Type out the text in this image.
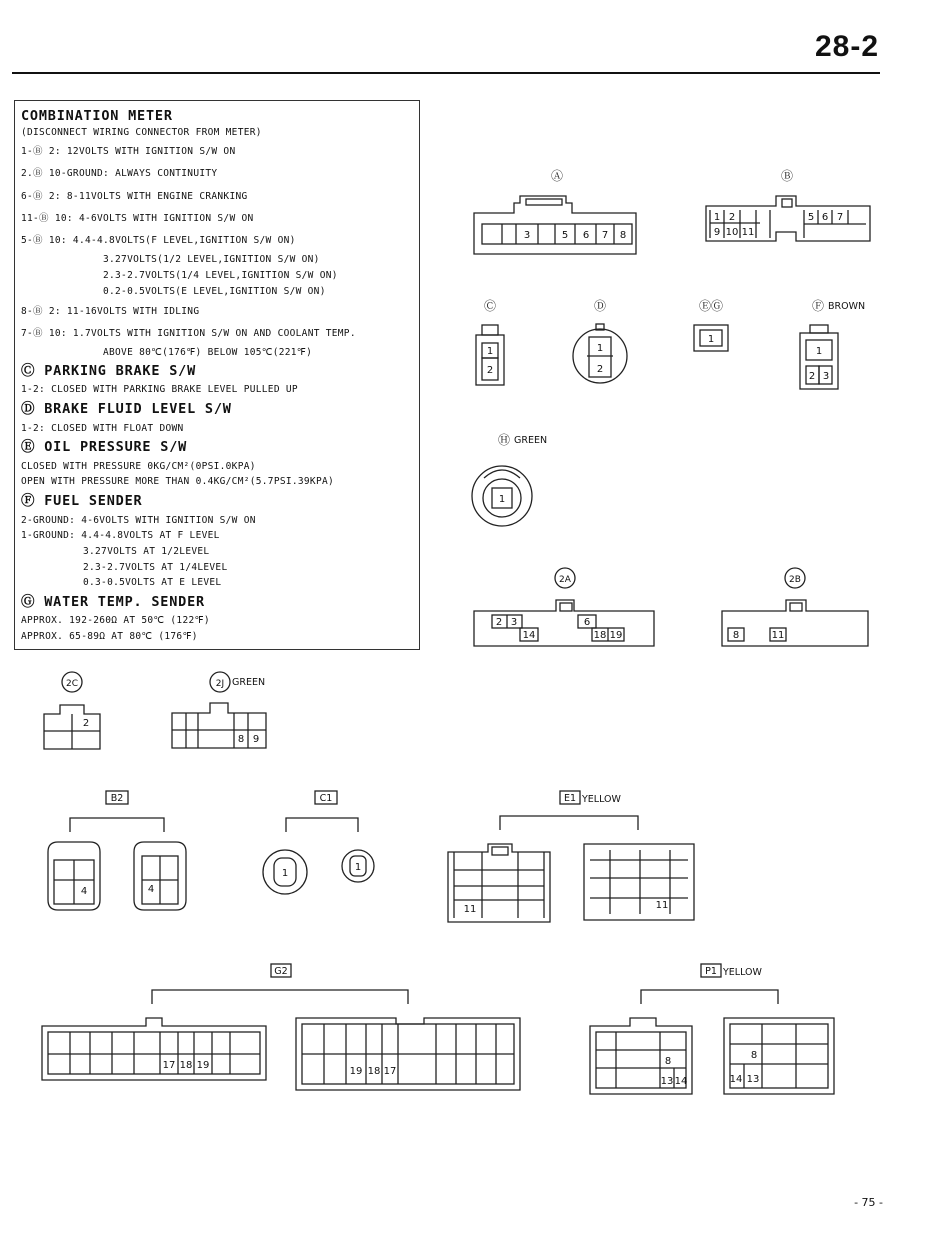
28-2
COMBINATION METER
(DISCONNECT WIRING CONNECTOR FROM METER)
1-Ⓑ 2: 12VOLTS WITH IGNITION S/W ON
2.Ⓑ 10-GROUND: ALWAYS CONTINUITY
6-Ⓑ 2: 8-11VOLTS WITH ENGINE CRANKING
11-Ⓑ 10: 4-6VOLTS WITH IGNITION S/W ON
5-Ⓑ 10: 4.4-4.8VOLTS(F LEVEL,IGNITION S/W ON)
3.27VOLTS(1/2 LEVEL,IGNITION S/W ON)
2.3-2.7VOLTS(1/4 LEVEL,IGNITION S/W ON)
0.2-0.5VOLTS(E LEVEL,IGNITION S/W ON)
8-Ⓑ 2: 11-16VOLTS WITH IDLING
7-Ⓑ 10: 1.7VOLTS WITH IGNITION S/W ON AND COOLANT TEMP.
ABOVE 80℃(176℉) BELOW 105℃(221℉)
Ⓒ PARKING BRAKE S/W
1-2: CLOSED WITH PARKING BRAKE LEVEL PULLED UP
Ⓓ BRAKE FLUID LEVEL S/W
1-2: CLOSED WITH FLOAT DOWN
Ⓔ OIL PRESSURE S/W
CLOSED WITH PRESSURE 0KG/CM²(0PSI.0KPA)
OPEN WITH PRESSURE MORE THAN 0.4KG/CM²(5.7PSI.39KPA)
Ⓕ FUEL SENDER
2-GROUND: 4-6VOLTS WITH IGNITION S/W ON
1-GROUND: 4.4-4.8VOLTS AT F LEVEL
3.27VOLTS AT 1/2LEVEL
2.3-2.7VOLTS AT 1/4LEVEL
0.3-0.5VOLTS AT E LEVEL
Ⓖ WATER TEMP. SENDER
APPROX. 192-260Ω AT 50℃ (122℉)
APPROX. 65-89Ω AT 80℃ (176℉)
Ⓐ
3	5 6 7 8
Ⓑ
1 2	5 6 7
9 10 11
Ⓒ
1
2
Ⓓ
1
2
ⒺⒼ
1
Ⓕ BROWN
1
2 3
Ⓗ GREEN
1
2A
2 3
14
6
18 19
2B
8	11
2C
2
2J GREEN
8 9
B2
4	4
C1
1
1
E1 YELLOW
11	11
G2
17 18 19
19 18 17
P1 YELLOW
8
13 14
8
14 13
- 75 -
